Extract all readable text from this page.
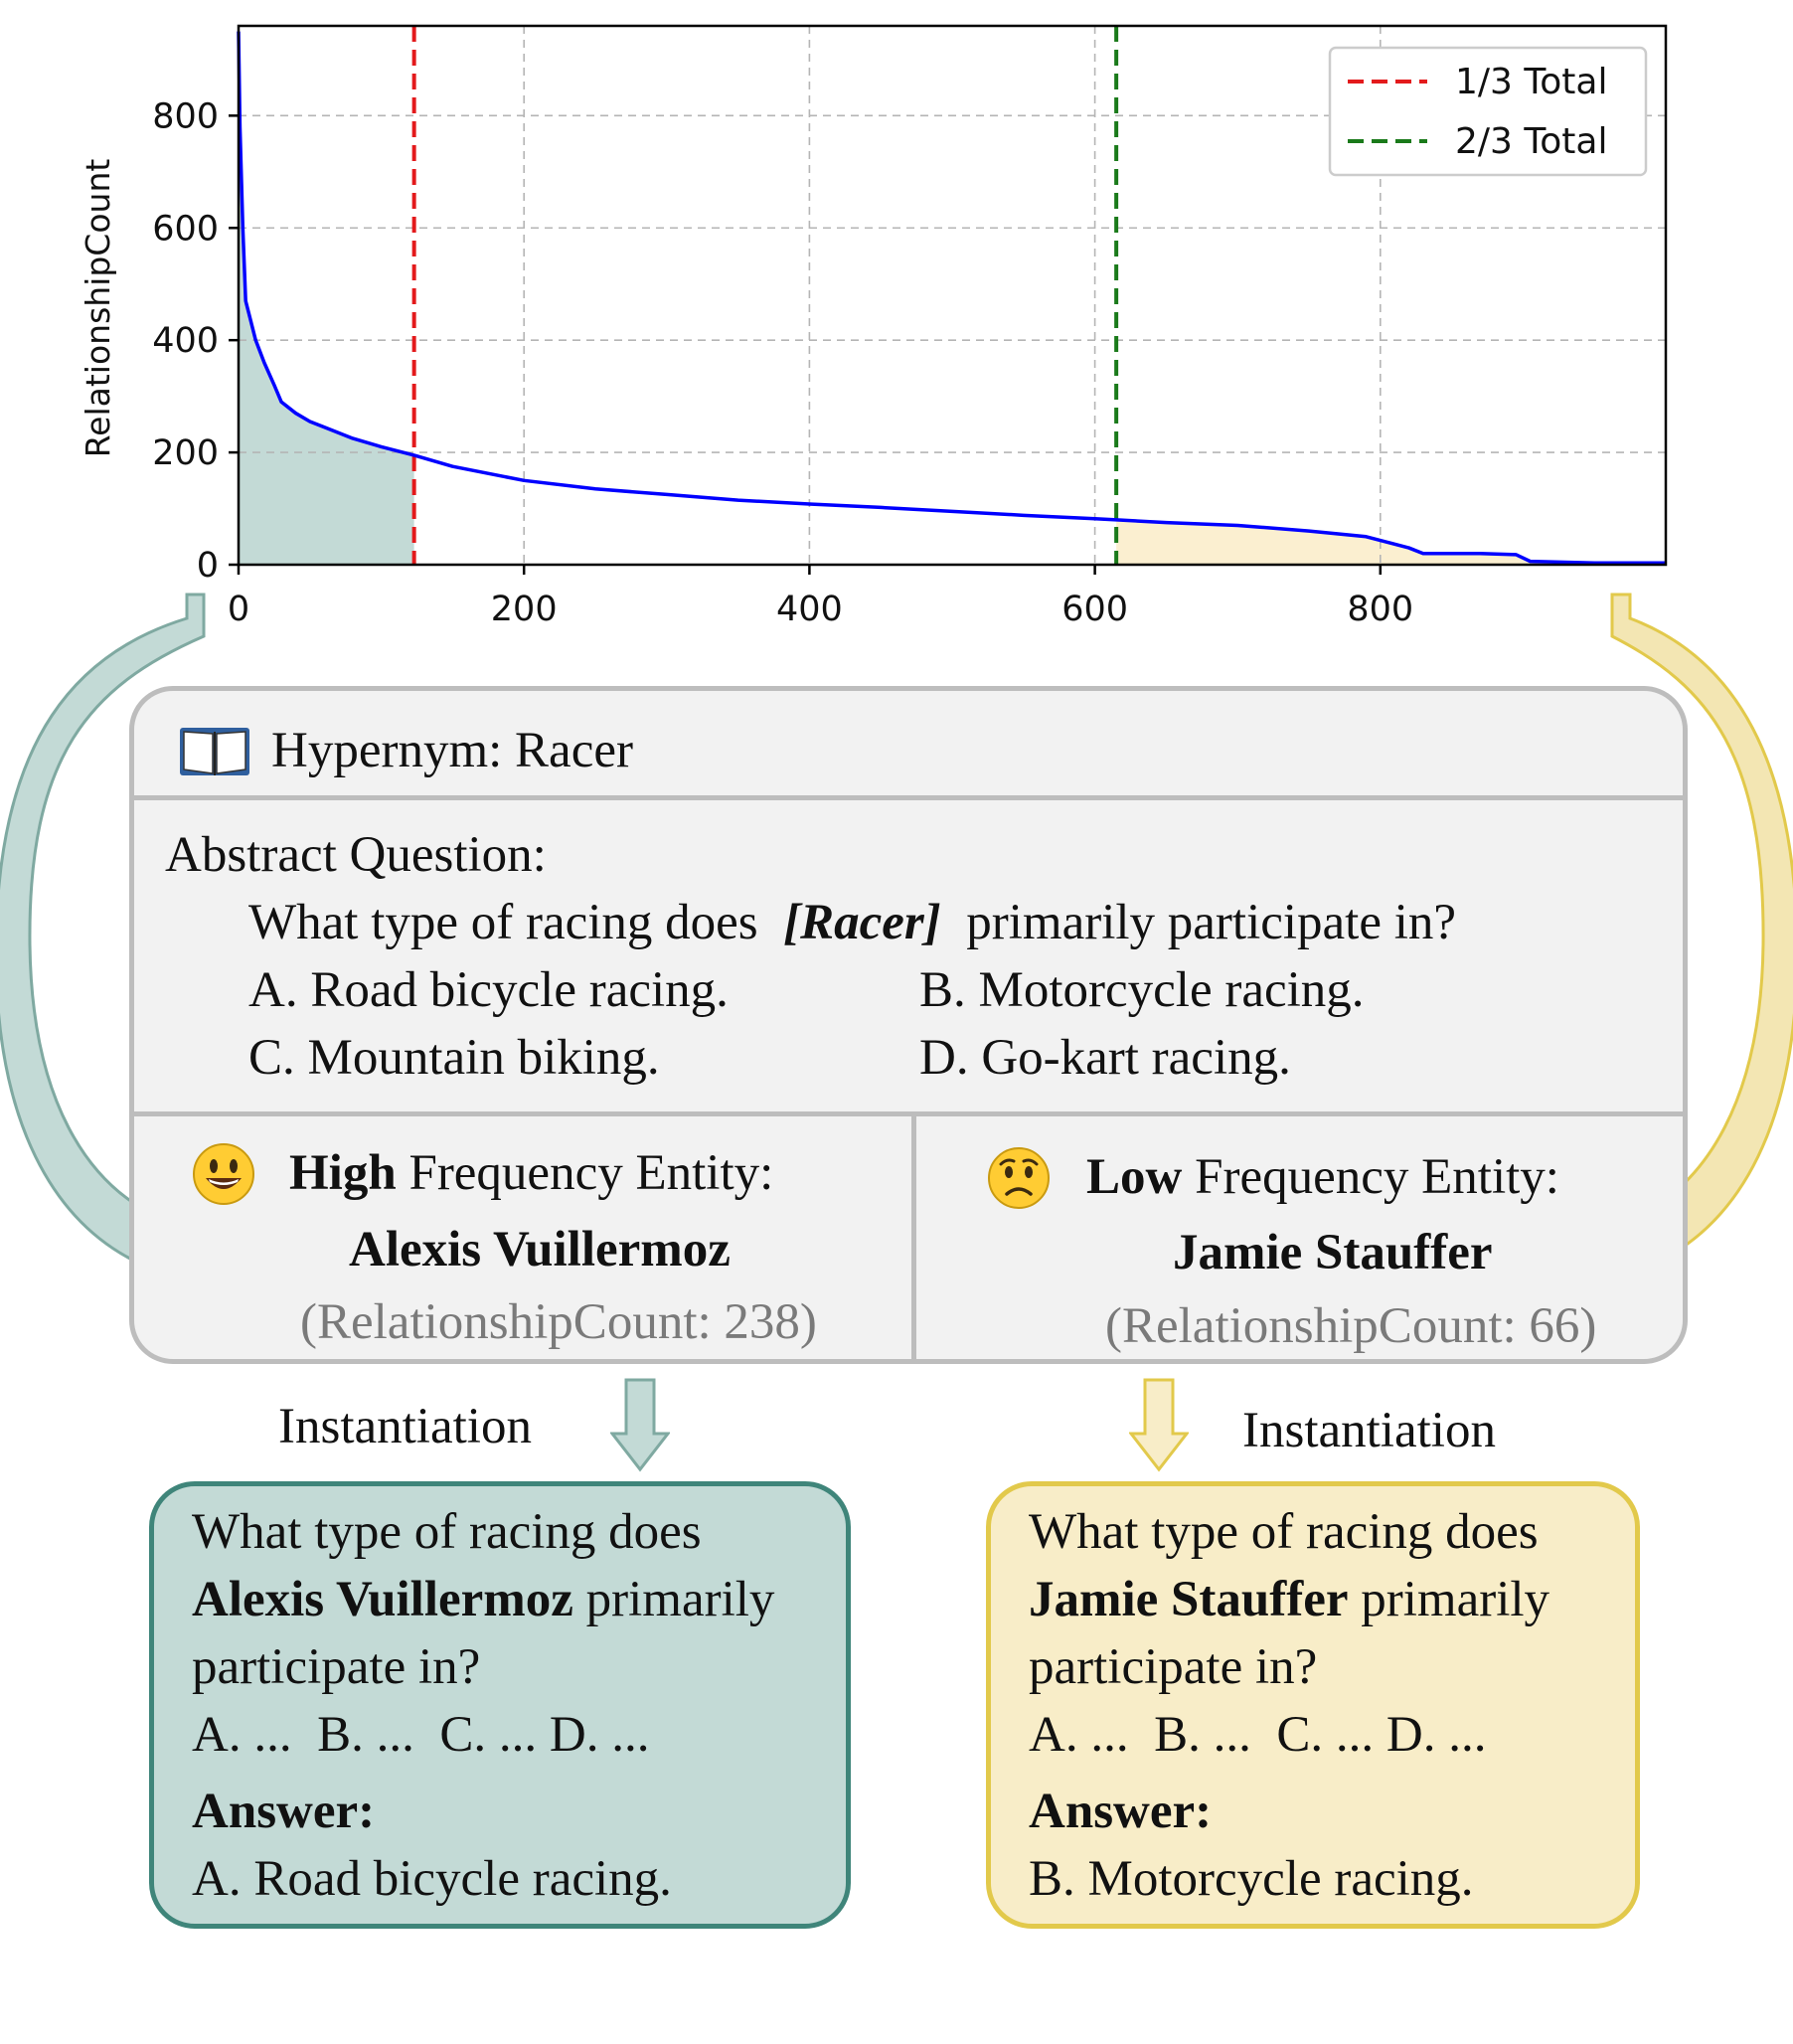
0	200	400	600	800
0
200
400
600
800
RelationshipCount
1/3 Total
2/3 Total
Hypernym: Racer
Abstract Question:
What type of racing does [Racer] primarily participate in?
A. Road bicycle racing.	B. Motorcycle racing.
C. Mountain biking.	D. Go-kart racing.
High Frequency Entity:
Alexis Vuillermoz
(RelationshipCount: 238)
Low Frequency Entity:
Jamie Stauffer
(RelationshipCount: 66)
Instantiation	Instantiation
What type of racing does
Alexis Vuillermoz primarily
participate in?
A. ...  B. ...  C. ... D. ...
Answer:
A. Road bicycle racing.
What type of racing does
Jamie Stauffer primarily
participate in?
A. ...  B. ...  C. ... D. ...
Answer:
B. Motorcycle racing.
